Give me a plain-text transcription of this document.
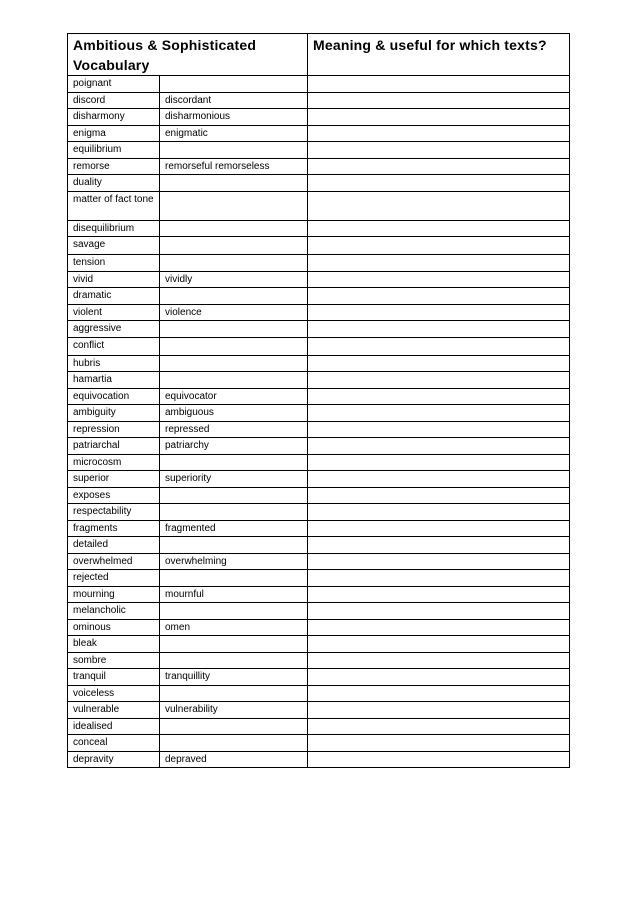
Ambitious & Sophisticated Vocabulary		Meaning & useful for which texts?

poignant		

discord	discordant	

disharmony	disharmonious	

enigma	enigmatic	

equilibrium		

remorse	remorseful remorseless	

duality		

matter of fact tone		

disequilibrium		

savage		

tension		

vivid	vividly	

dramatic		

violent	violence	

aggressive		

conflict		

hubris		

hamartia		

equivocation	equivocator	

ambiguity	ambiguous	

repression	repressed	

patriarchal	patriarchy	

microcosm		

superior	superiority	

exposes		

respectability		

fragments	fragmented	

detailed		

overwhelmed	overwhelming	

rejected		

mourning	mournful	

melancholic		

ominous	omen	

bleak		

sombre		

tranquil	tranquillity	

voiceless		

vulnerable	vulnerability	

idealised		

conceal		

depravity	depraved	
